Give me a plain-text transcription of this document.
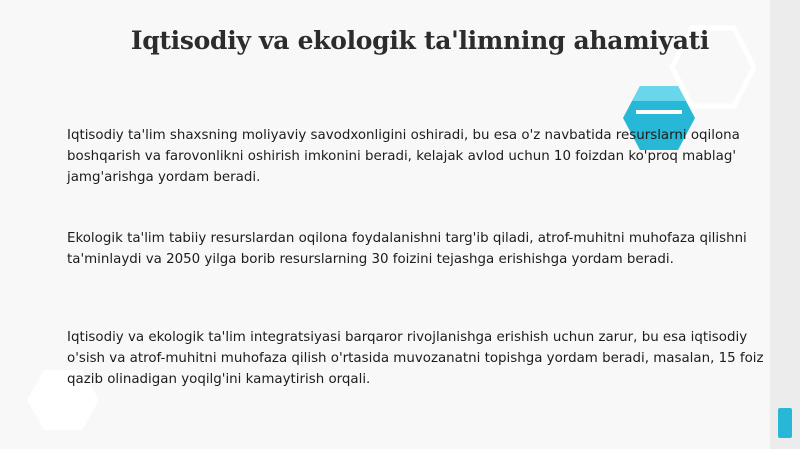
Iqtisodiy va ekologik ta'limning ahamiyati

Iqtisodiy ta'lim shaxsning moliyaviy savodxonligini oshiradi, bu esa o'z navbatida resurslarni oqilona boshqarish va farovonlikni oshirish imkonini beradi, kelajak avlod uchun 10 foizdan ko'proq mablag' jamg'arishga yordam beradi.

Ekologik ta'lim tabiiy resurslardan oqilona foydalanishni targ'ib qiladi, atrof-muhitni muhofaza qilishni ta'minlaydi va 2050 yilga borib resurslarning 30 foizini tejashga erishishga yordam beradi.

Iqtisodiy va ekologik ta'lim integratsiyasi barqaror rivojlanishga erishish uchun zarur, bu esa iqtisodiy o'sish va atrof-muhitni muhofaza qilish o'rtasida muvozanatni topishga yordam beradi, masalan, 15 foiz qazib olinadigan yoqilg'ini kamaytirish orqali.
